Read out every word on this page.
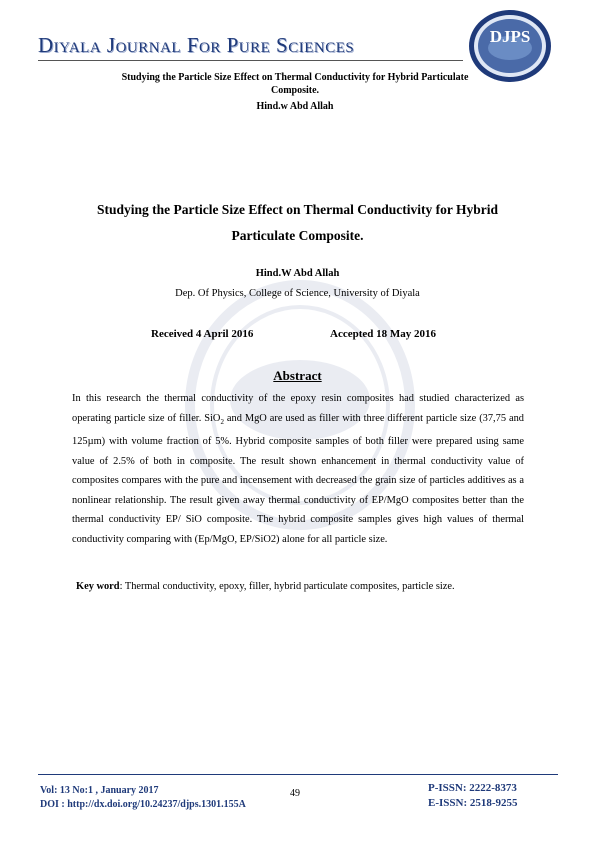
Diyala Journal For Pure Sciences	DJPS
Studying the Particle Size Effect on Thermal Conductivity for Hybrid Particulate Composite.
Hind.w Abd Allah
Studying the Particle Size Effect on Thermal Conductivity for Hybrid
Particulate Composite.
Hind.W Abd Allah
Dep. Of Physics, College of Science, University of Diyala
Received 4 April 2016	Accepted 18 May 2016
Abstract
In this research the thermal conductivity of the epoxy resin composites had studied characterized as operating particle size of filler. SiO$_2$ and MgO are used as filler with three different particle size (37,75 and 125µm) with volume fraction of 5%. Hybrid composite samples of both filler were prepared using same value of 2.5% of both in composite. The result shown enhancement in thermal conductivity value of composites compares with the pure and incensement with decreased the grain size of particles additives as a nonlinear relationship. The result given away thermal conductivity of EP/MgO composites better than the thermal conductivity EP/ SiO composite. The hybrid composite samples gives high values of thermal conductivity comparing with (Ep/MgO, EP/SiO2) alone for all particle size.
Key word: Thermal conductivity, epoxy, filler, hybrid particulate composites, particle size.
Vol: 13 No:1 , January 2017
DOI : http://dx.doi.org/10.24237/djps.1301.155A
49	P-ISSN: 2222-8373
E-ISSN: 2518-9255
